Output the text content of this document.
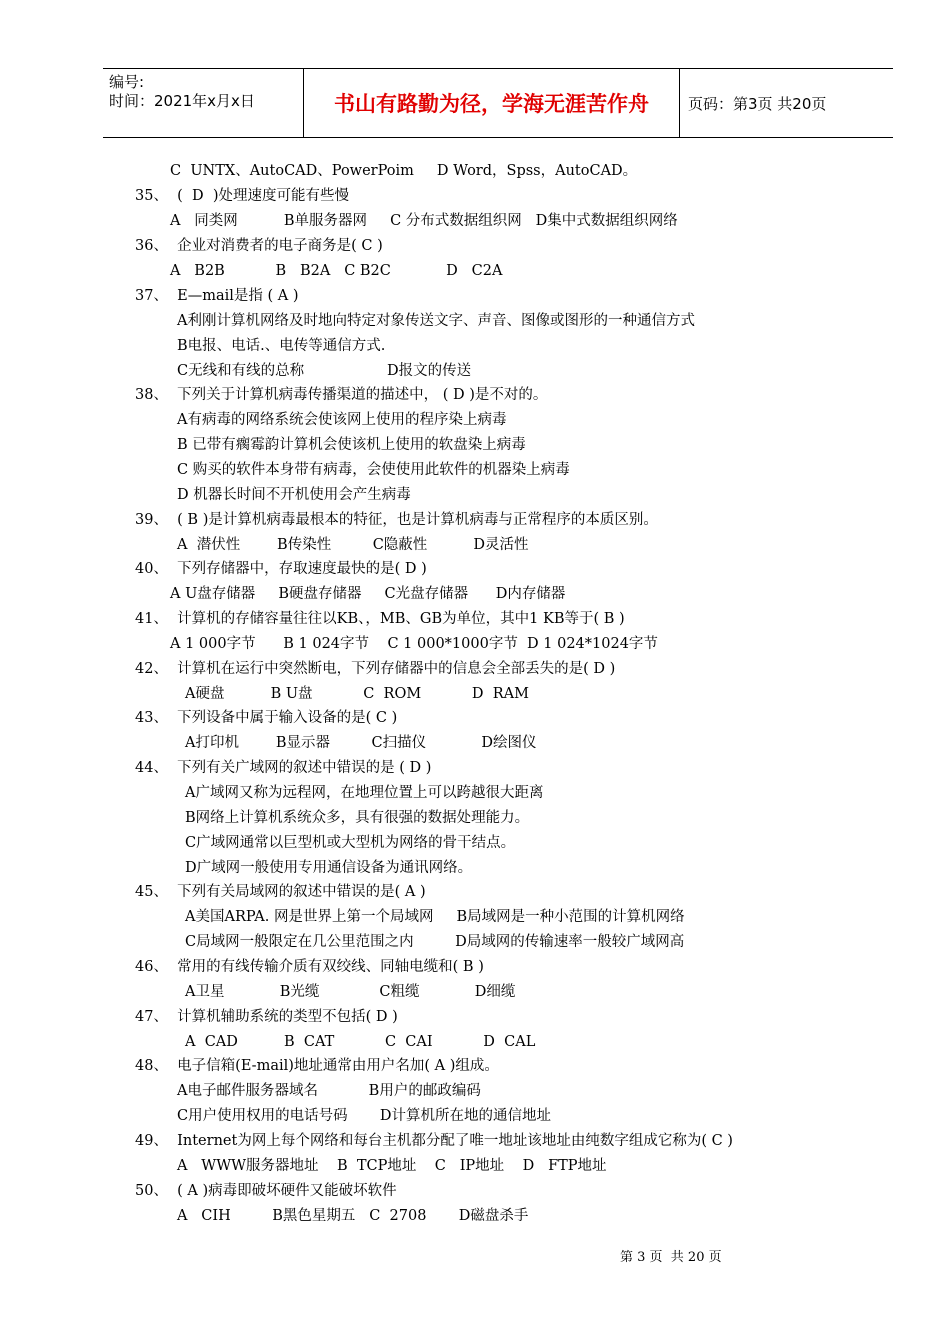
编号:
时间：2021年x月x日	书山有路勤为径，学海无涯苦作舟	页码：第3页 共20页
C  UNTX、AutoCAD、PowerPoim     D Word，Spss，AutoCAD。
35、  (  D  )处理速度可能有些慢
A   同类网          B单服务器网     C 分布式数据组织网   D集中式数据组织网络
36、  企业对消费者的电子商务是( C )
A   B2B           B   B2A   C B2C            D   C2A
37、  E—mail是指 ( A )
A利刚计算机网络及时地向特定对象传送文字、声音、图像或图形的一种通信方式
B电报、电话.、电传等通信方式.
C无线和有线的总称                  D报文的传送
38、  下列关于计算机病毒传播渠道的描述中， ( D )是不对的。
A有病毒的网络系统会使该网上使用的程序染上病毒
B 已带有瘸霉韵计算机会使该机上使用的软盘染上病毒
C 购买的软件本身带有病毒，会使使用此软件的机器染上病毒
D 机器长时间不开机使用会产生病毒
39、  ( B )是计算机病毒最根本的特征，也是计算机病毒与正常程序的本质区别。
A  潜伏性        B传染性         C隐蔽性          D灵活性
40、  下列存储器中，存取速度最快的是( D )
A U盘存储器     B硬盘存储器     C光盘存储器      D内存储器
41、  计算机的存储容量往往以KB、，MB、GB为单位，其中1 KB等于( B )
A 1 000字节      B 1 024字节    C 1 000*1000字节  D 1 024*1024字节
42、  计算机在运行中突然断电，下列存储器中的信息会全部丢失的是( D )
A硬盘          B U盘           C  ROM           D  RAM
43、  下列设备中属于输入设备的是( C )
A打印机        B显示器         C扫描仪            D绘图仪
44、  下列有关广域网的叙述中错误的是 ( D )
A广域网又称为远程网，在地理位置上可以跨越很大距离
B网络上计算机系统众多，具有很强的数据处理能力。
C广域网通常以巨型机或大型机为网络的骨干结点。
D广域网一般使用专用通信设备为通讯网络。
45、  下列有关局域网的叙述中错误的是( A )
A美国ARPA. 网是世界上第一个局域网     B局域网是一种小范围的计算机网络
C局域网一般限定在几公里范围之内         D局域网的传输速率一般较广域网高
46、  常用的有线传输介质有双绞线、同轴电缆和( B )
A卫星            B光缆             C粗缆            D细缆
47、  计算机辅助系统的类型不包括( D )
A  CAD          B  CAT           C  CAI           D  CAL
48、  电子信箱(E-mail)地址通常由用户名加( A )组成。
A电子邮件服务器域名           B用户的邮政编码
C用户使用权用的电话号码       D计算机所在地的通信地址
49、  Internet为网上每个网络和每台主机都分配了唯一地址该地址由纯数字组成它称为( C )
A   WWW服务器地址    B  TCP地址    C   IP地址    D   FTP地址
50、  ( A )病毒即破坏硬件又能破坏软件
A   CIH         B黑色星期五   C  2708       D磁盘杀手
第 3 页  共 20 页
